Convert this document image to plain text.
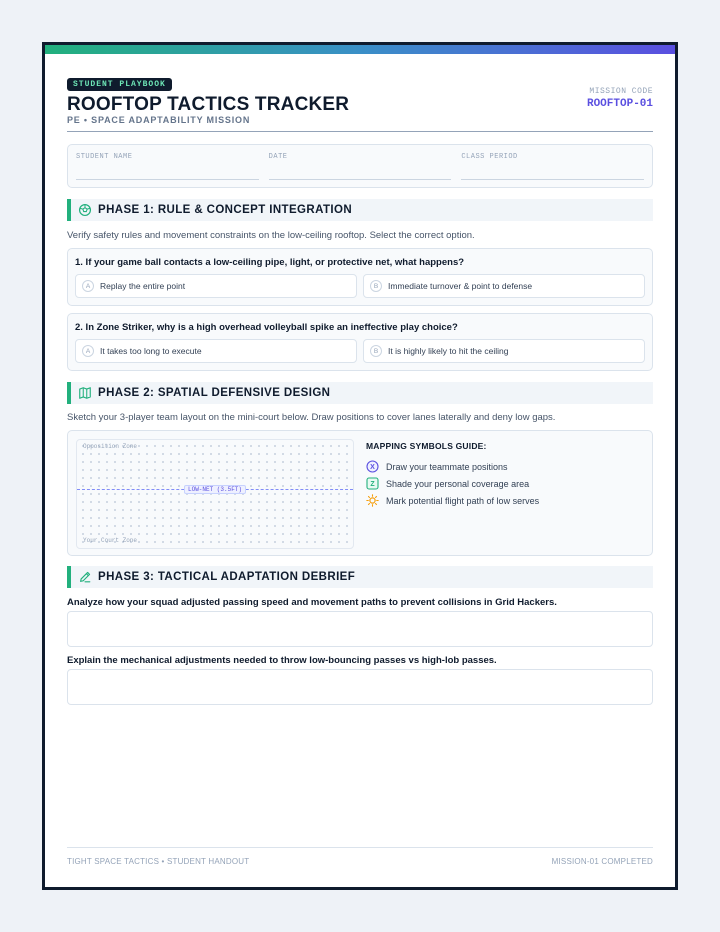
STUDENT PLAYBOOK
ROOFTOP TACTICS TRACKER
PE • SPACE ADAPTABILITY MISSION
MISSION CODE
ROOFTOP-01
STUDENT NAME	DATE	CLASS PERIOD
PHASE 1: RULE & CONCEPT INTEGRATION
Verify safety rules and movement constraints on the low-ceiling rooftop. Select the correct option.
1. If your game ball contacts a low-ceiling pipe, light, or protective net, what happens?
A	Replay the entire point	B	Immediate turnover & point to defense
2. In Zone Striker, why is a high overhead volleyball spike an ineffective play choice?
A	It takes too long to execute	B	It is highly likely to hit the ceiling
PHASE 2: SPATIAL DEFENSIVE DESIGN
Sketch your 3-player team layout on the mini-court below. Draw positions to cover lanes laterally and deny low gaps.
Opposition Zone
LOW-NET (3.5FT)
Your Court Zone
MAPPING SYMBOLS GUIDE:
X Draw your teammate positions
Z Shade your personal coverage area
Mark potential flight path of low serves
PHASE 3: TACTICAL ADAPTATION DEBRIEF
Analyze how your squad adjusted passing speed and movement paths to prevent collisions in Grid Hackers.
Explain the mechanical adjustments needed to throw low-bouncing passes vs high-lob passes.
TIGHT SPACE TACTICS • STUDENT HANDOUT	MISSION-01 COMPLETED
